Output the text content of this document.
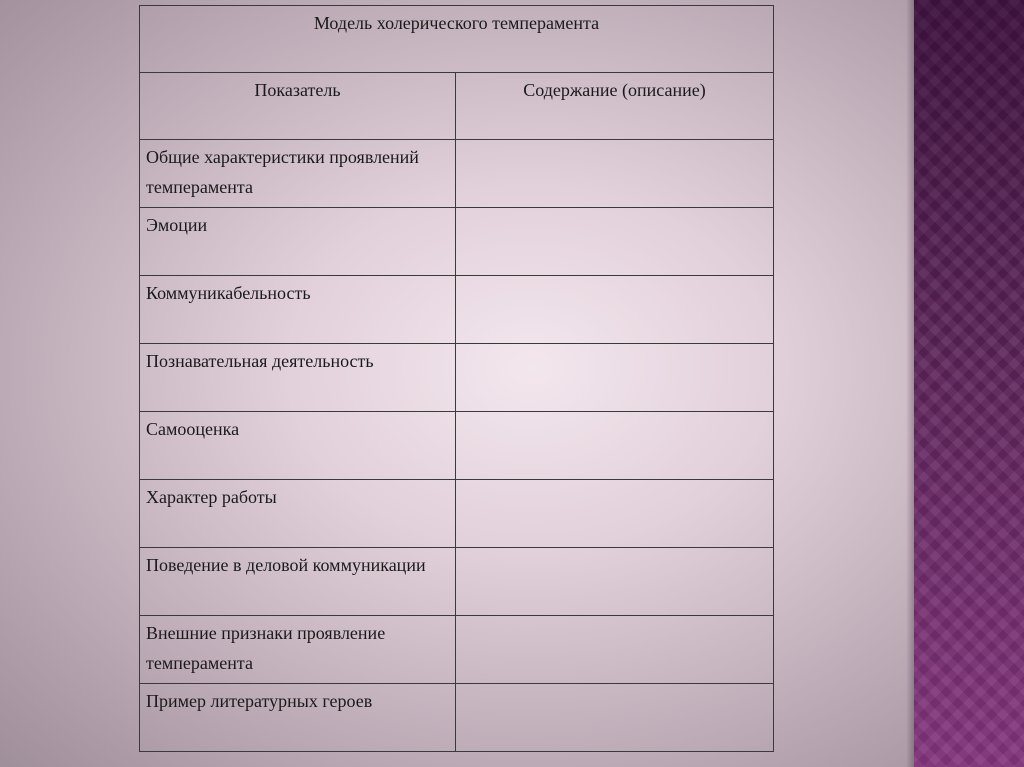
Модель холерического темперамента	
Показатель	Содержание (описание)
Общие характеристики проявлений темперамента	
Эмоции	
Коммуникабельность	
Познавательная деятельность	
Самооценка	
Характер работы	
Поведение в деловой коммуникации	
Внешние признаки проявление темперамента	
Пример литературных героев	
